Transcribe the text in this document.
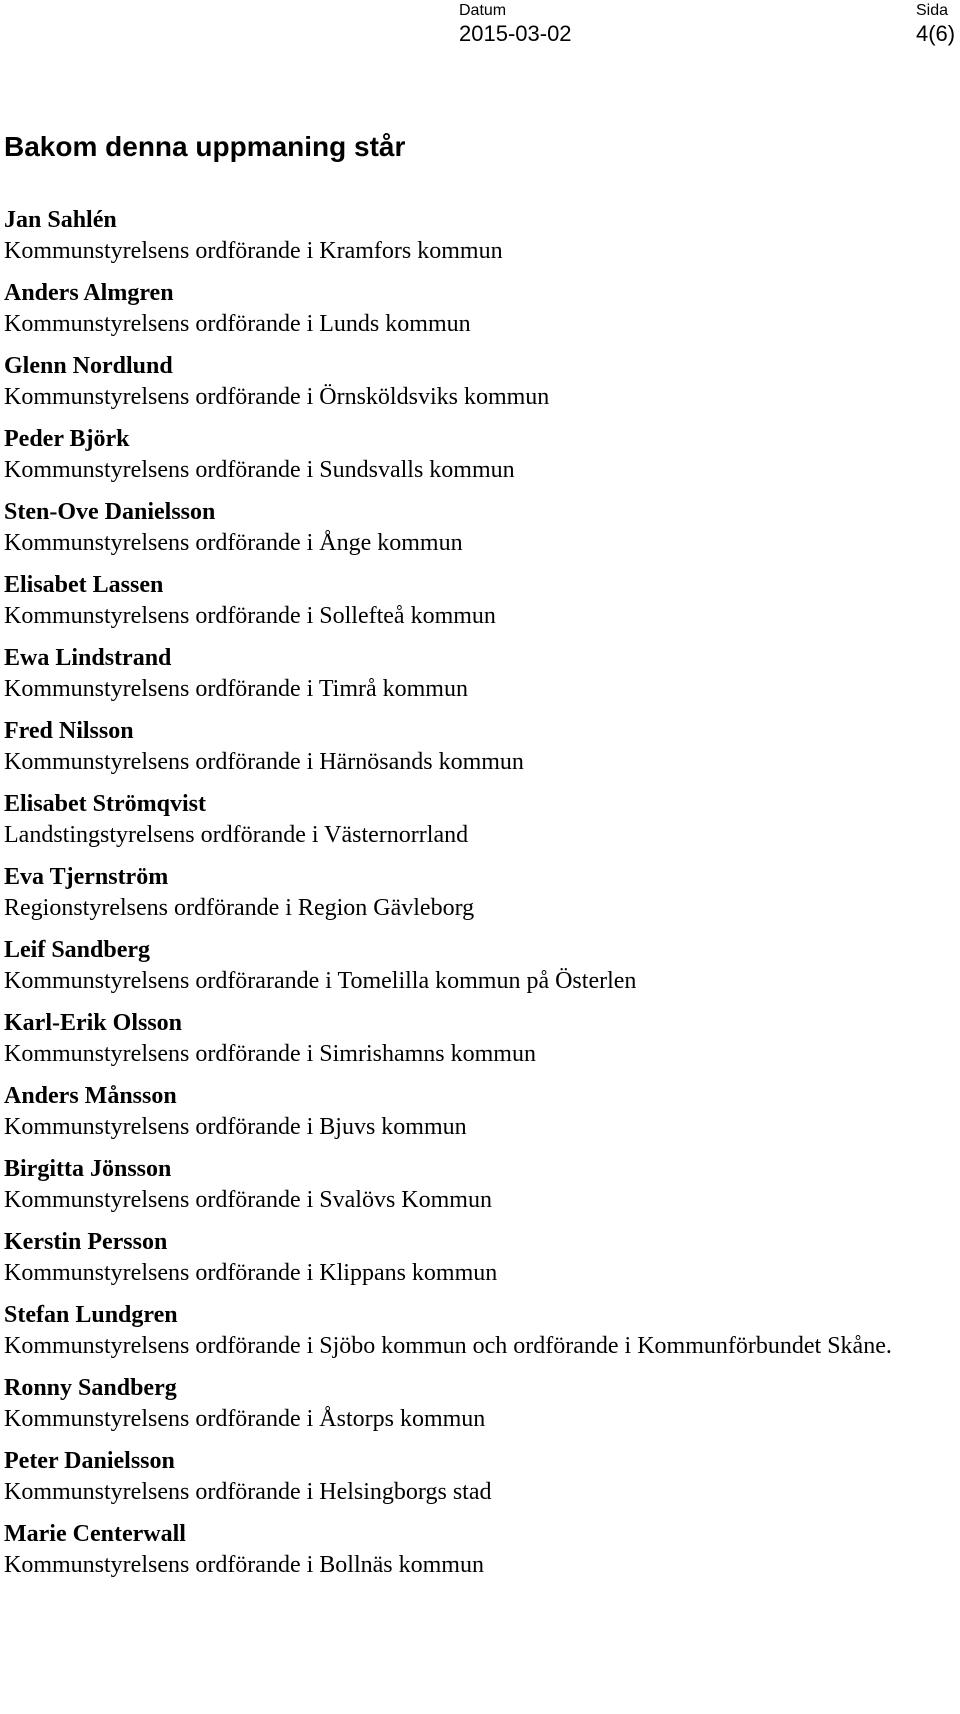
Datum
2015-03-02
Sida
4(6)
Bakom denna uppmaning står
Jan Sahlén
Kommunstyrelsens ordförande i Kramfors kommun
Anders Almgren
Kommunstyrelsens ordförande i Lunds kommun
Glenn Nordlund
Kommunstyrelsens ordförande i Örnsköldsviks kommun
Peder Björk
Kommunstyrelsens ordförande i Sundsvalls kommun
Sten-Ove Danielsson
Kommunstyrelsens ordförande i Ånge kommun
Elisabet Lassen
Kommunstyrelsens ordförande i Sollefteå kommun
Ewa Lindstrand
Kommunstyrelsens ordförande i Timrå kommun
Fred Nilsson
Kommunstyrelsens ordförande i Härnösands kommun
Elisabet Strömqvist
Landstingstyrelsens ordförande i Västernorrland
Eva Tjernström
Regionstyrelsens ordförande i Region Gävleborg
Leif Sandberg
Kommunstyrelsens ordförarande i Tomelilla kommun på Österlen
Karl-Erik Olsson
Kommunstyrelsens ordförande i Simrishamns kommun
Anders Månsson
Kommunstyrelsens ordförande i Bjuvs kommun
Birgitta Jönsson
Kommunstyrelsens ordförande i Svalövs Kommun
Kerstin Persson
Kommunstyrelsens ordförande i Klippans kommun
Stefan Lundgren
Kommunstyrelsens ordförande i Sjöbo kommun och ordförande i Kommunförbundet Skåne.
Ronny Sandberg
Kommunstyrelsens ordförande i Åstorps kommun
Peter Danielsson
Kommunstyrelsens ordförande i Helsingborgs stad
Marie Centerwall
Kommunstyrelsens ordförande i Bollnäs kommun
